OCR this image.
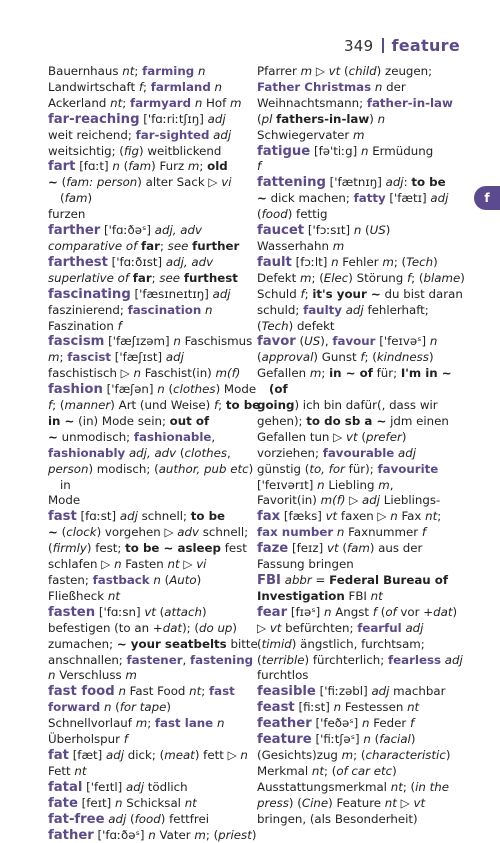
349 feature
f

Bauernhaus nt; farming n

Landwirtschaft f; farmland n

Ackerland nt; farmyard n Hof m

far-reaching ['fɑːriːtʃɪŋ] adj

weit reichend; far-sighted adj

weitsichtig; (fig) weitblickend

fart [fɑːt] n (fam) Furz m; old

~ (fam: person) alter Sack ▷ vi (fam)

furzen

farther ['fɑːðəˢ] adj, adv

comparative of far; see further

farthest ['fɑːðɪst] adj, adv

superlative of far; see furthest

fascinating ['fæsɪneɪtɪŋ] adj

faszinierend; fascination n

Faszination f

fascism ['fæʃɪzəm] n Faschismus

m; fascist ['fæʃɪst] adj

faschistisch ▷ n Faschist(in) m(f)

fashion ['fæʃən] n (clothes) Mode

f; (manner) Art (und Weise) f; to be

in ~ (in) Mode sein; out of

~ unmodisch; fashionable,

fashionably adj, adv (clothes,

person) modisch; (author, pub etc) in

Mode

fast [fɑːst] adj schnell; to be

~ (clock) vorgehen ▷ adv schnell;

(firmly) fest; to be ~ asleep fest

schlafen ▷ n Fasten nt ▷ vi

fasten; fastback n (Auto)

Fließheck nt

fasten ['fɑːsn] vt (attach)

befestigen (to an +dat); (do up)

zumachen; ~ your seatbelts bitte

anschnallen; fastener, fastening

n Verschluss m

fast food n Fast Food nt; fast

forward n (for tape)

Schnellvorlauf m; fast lane n

Überholspur f

fat [fæt] adj dick; (meat) fett ▷ n

Fett nt

fatal ['feɪtl] adj tödlich

fate [feɪt] n Schicksal nt

fat-free adj (food) fettfrei

father ['fɑːðəˢ] n Vater m; (priest)

Pfarrer m ▷ vt (child) zeugen;

Father Christmas n der

Weihnachtsmann; father-in-law

(pl fathers-in-law) n

Schwiegervater m

fatigue [fə'tiːg] n Ermüdung

f

fattening ['fætnɪŋ] adj: to be

~ dick machen; fatty ['fætɪ] adj

(food) fettig

faucet ['fɔːsɪt] n (US)

Wasserhahn m

fault [fɔːlt] n Fehler m; (Tech)

Defekt m; (Elec) Störung f; (blame)

Schuld f; it's your ~ du bist daran

schuld; faulty adj fehlerhaft;

(Tech) defekt

favor (US), favour ['feɪvəˢ] n

(approval) Gunst f; (kindness)

Gefallen m; in ~ of für; I'm in ~ (of

going) ich bin dafür(, dass wir

gehen); to do sb a ~ jdm einen

Gefallen tun ▷ vt (prefer)

vorziehen; favourable adj

günstig (to, for für); favourite

['feɪvərɪt] n Liebling m,

Favorit(in) m(f) ▷ adj Lieblings-

fax [fæks] vt faxen ▷ n Fax nt;

fax number n Faxnummer f

faze [feɪz] vt (fam) aus der

Fassung bringen

FBI abbr = Federal Bureau of

Investigation FBI nt

fear [fɪəˢ] n Angst f (of vor +dat)

▷ vt befürchten; fearful adj

(timid) ängstlich, furchtsam;

(terrible) fürchterlich; fearless adj

furchtlos

feasible ['fiːzəbl] adj machbar

feast [fiːst] n Festessen nt

feather ['feðəˢ] n Feder f

feature ['fiːtʃəˢ] n (facial)

(Gesichts)zug m; (characteristic)

Merkmal nt; (of car etc)

Ausstattungsmerkmal nt; (in the

press) (Cine) Feature nt ▷ vt

bringen, (als Besonderheit)
